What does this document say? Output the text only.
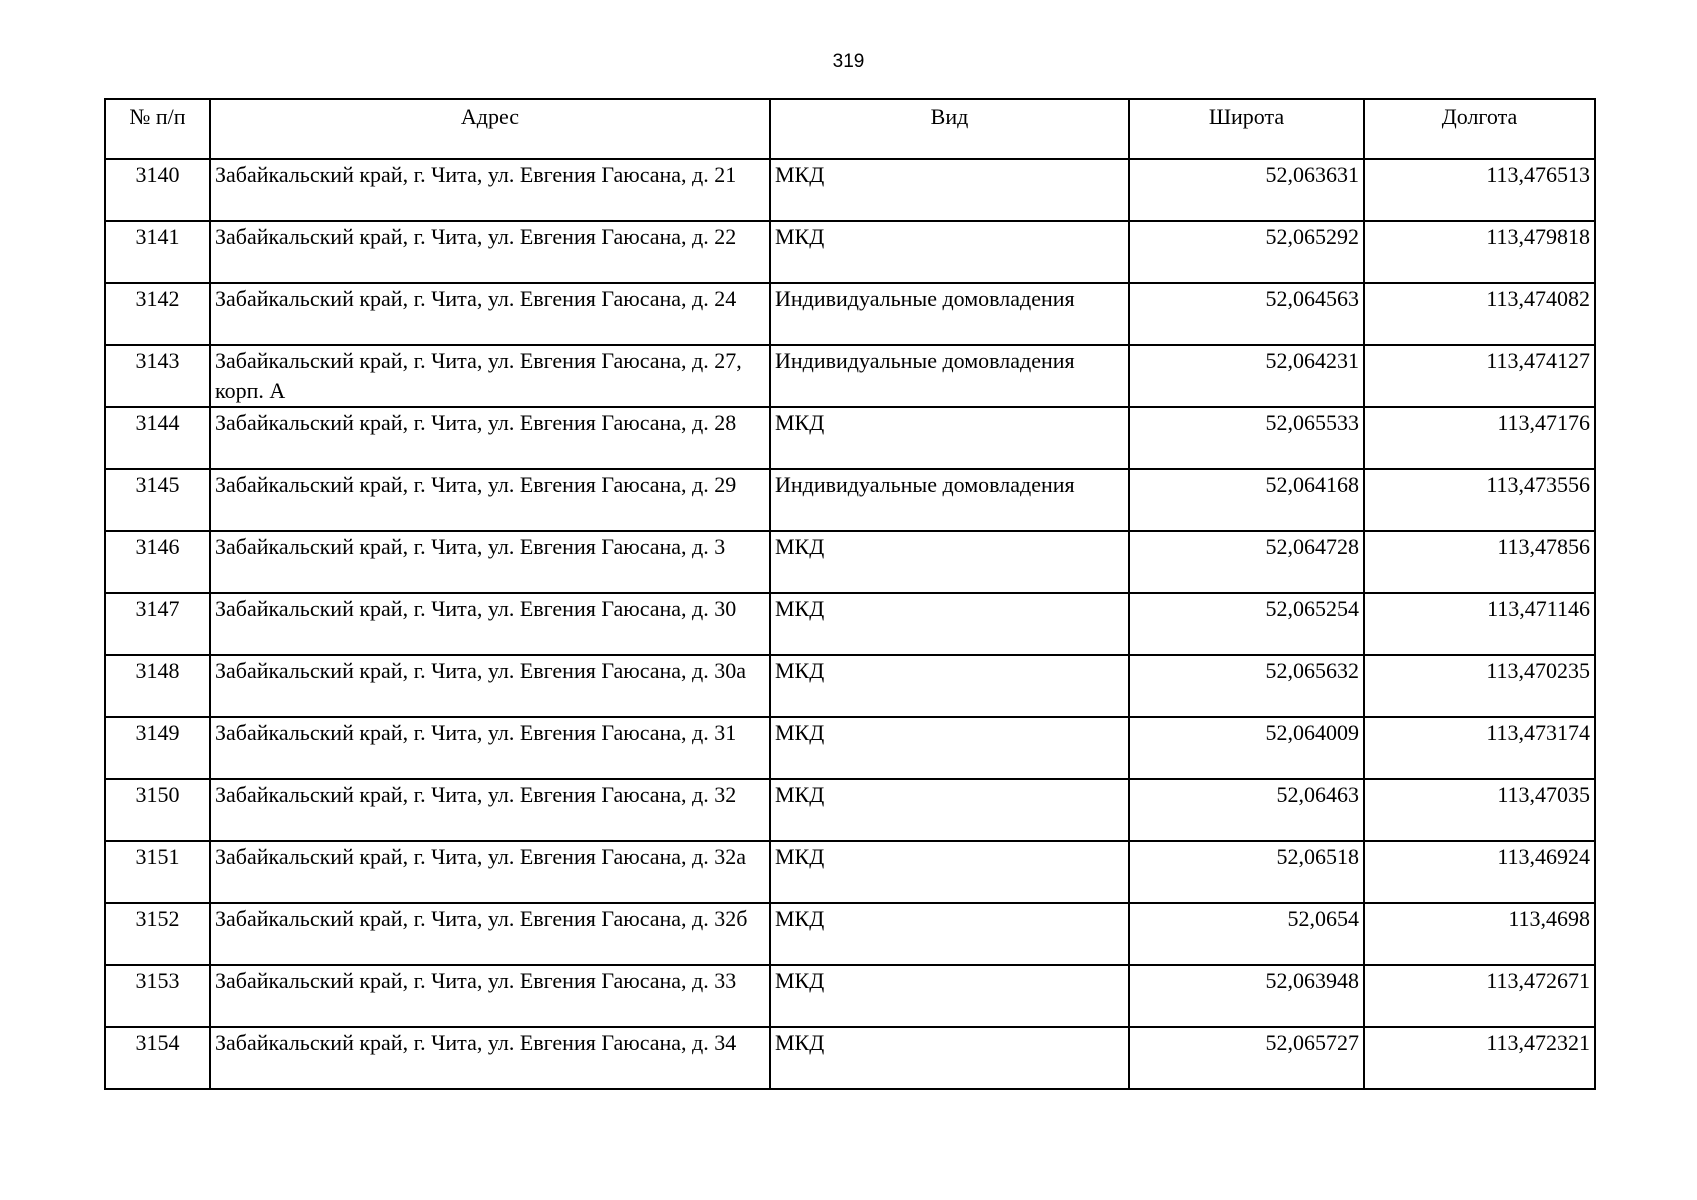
319
№ п/п	Адрес	Вид	Широта	Долгота
3140	Забайкальский край, г. Чита, ул. Евгения Гаюсана, д. 21	МКД	52,063631	113,476513
3141	Забайкальский край, г. Чита, ул. Евгения Гаюсана, д. 22	МКД	52,065292	113,479818
3142	Забайкальский край, г. Чита, ул. Евгения Гаюсана, д. 24	Индивидуальные домовладения	52,064563	113,474082
3143	Забайкальский край, г. Чита, ул. Евгения Гаюсана, д. 27, корп. А	Индивидуальные домовладения	52,064231	113,474127
3144	Забайкальский край, г. Чита, ул. Евгения Гаюсана, д. 28	МКД	52,065533	113,47176
3145	Забайкальский край, г. Чита, ул. Евгения Гаюсана, д. 29	Индивидуальные домовладения	52,064168	113,473556
3146	Забайкальский край, г. Чита, ул. Евгения Гаюсана, д. 3	МКД	52,064728	113,47856
3147	Забайкальский край, г. Чита, ул. Евгения Гаюсана, д. 30	МКД	52,065254	113,471146
3148	Забайкальский край, г. Чита, ул. Евгения Гаюсана, д. 30а	МКД	52,065632	113,470235
3149	Забайкальский край, г. Чита, ул. Евгения Гаюсана, д. 31	МКД	52,064009	113,473174
3150	Забайкальский край, г. Чита, ул. Евгения Гаюсана, д. 32	МКД	52,06463	113,47035
3151	Забайкальский край, г. Чита, ул. Евгения Гаюсана, д. 32а	МКД	52,06518	113,46924
3152	Забайкальский край, г. Чита, ул. Евгения Гаюсана, д. 32б	МКД	52,0654	113,4698
3153	Забайкальский край, г. Чита, ул. Евгения Гаюсана, д. 33	МКД	52,063948	113,472671
3154	Забайкальский край, г. Чита, ул. Евгения Гаюсана, д. 34	МКД	52,065727	113,472321
